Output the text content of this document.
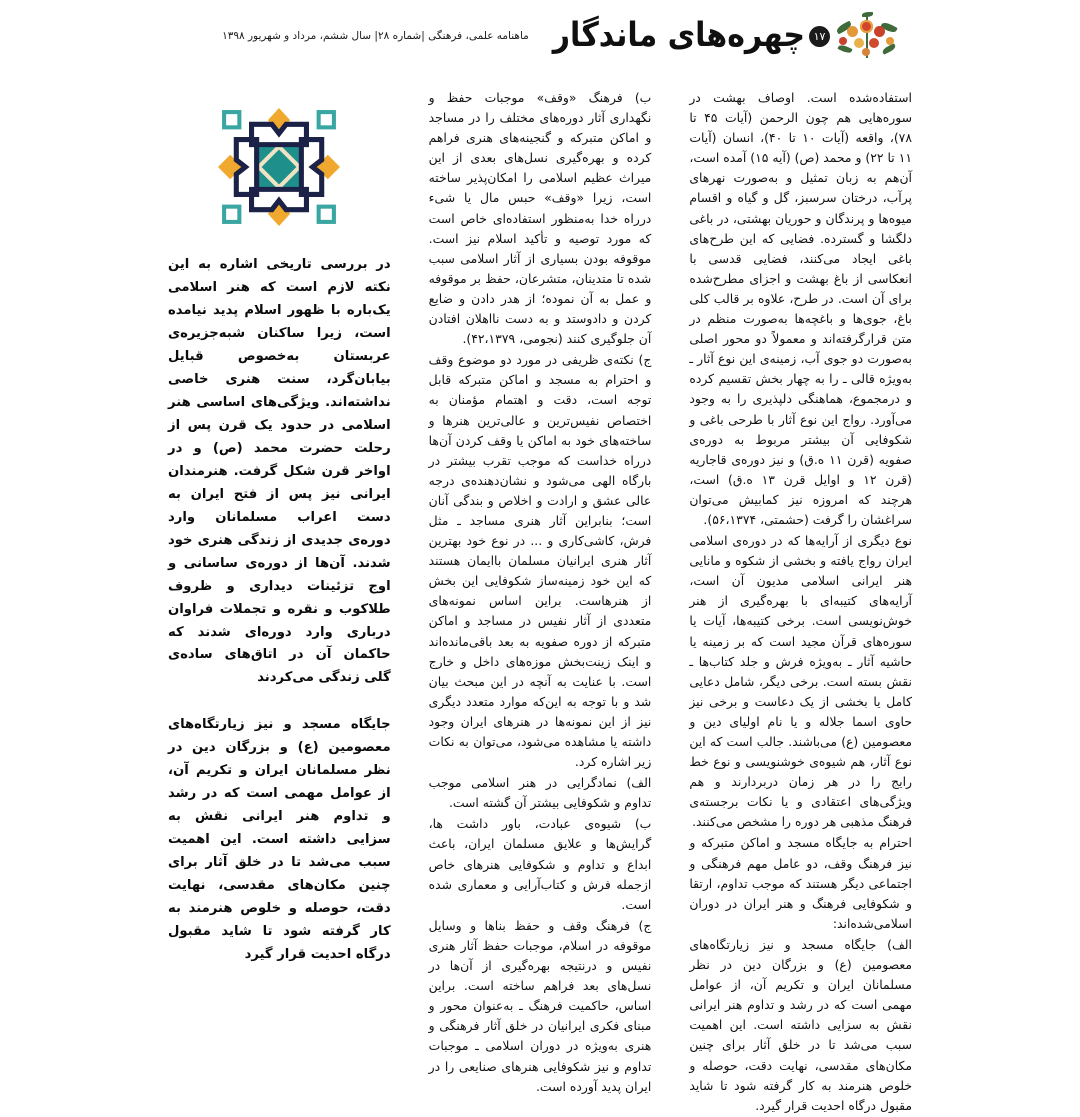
۱۷
چهره‌های ماندگار
ماهنامه علمی، فرهنگی |شماره ۲۸| سال ششم، مرداد و شهریور ۱۳۹۸

استفاده‌شده است. اوصاف بهشت در سوره‌هایی هم چون الرحمن (آیات ۴۵ تا ۷۸)، واقعه (آیات ۱۰ تا ۴۰)، انسان (آیات ۱۱ تا ۲۲) و محمد (ص) (آیه ۱۵) آمده است، آن‌هم به زبان تمثیل و به‌صورت نهرهای پرآب، درختان سرسبز، گل و گیاه و اقسام میوه‌ها و پرندگان و حوریان بهشتی، در باغی دلگشا و گسترده. فضایی که این طرح‌های باغی ایجاد می‌کنند، فضایی قدسی با انعکاسی از باغ بهشت و اجزای مطرح‌شده برای آن است. در طرح، علاوه بر قالب کلی باغ، جوی‌ها و باغچه‌ها به‌صورت منظم در متن قرارگرفته‌اند و معمولاً دو محور اصلی به‌صورت دو جوی آب، زمینه‌ی این نوع آثار ـ به‌ویژه قالی ـ را به چهار بخش تقسیم کرده و درمجموع، هماهنگی دلپذیری را به وجود می‌آورد. رواج این نوع آثار با طرحی باغی و شکوفایی آن بیشتر مربوط به دوره‌ی صفویه (قرن ۱۱ ه.ق) و نیز دوره‌ی قاجاریه (قرن ۱۲ و اوایل قرن ۱۳ ه.ق) است، هرچند که امروزه نیز کمابیش می‌توان سراغشان را گرفت (حشمتی، ۵۶،۱۳۷۴).

نوع دیگری از آرایه‌ها که در دوره‌ی اسلامی ایران رواج یافته و بخشی از شکوه و مانایی هنر ایرانی اسلامی مدیون آن است، آرایه‌های کتیبه‌ای با بهره‌گیری از هنر خوش‌نویسی است. برخی کتیبه‌ها، آیات یا سوره‌های قرآن مجید است که بر زمینه یا حاشیه آثار ـ به‌ویژه فرش و جلد کتاب‌ها ـ نقش بسته است. برخی دیگر، شامل دعایی کامل یا بخشی از یک دعاست و برخی نیز حاوی اسما جلاله و یا نام اولیای دین و معصومین (ع) می‌باشند. جالب است که این نوع آثار، هم شیوه‌ی خوشنویسی و نوع خط رایج را در هر زمان دربردارند و هم ویژگی‌های اعتقادی و یا نکات برجسته‌ی فرهنگ مذهبی هر دوره را مشخص می‌کنند.

احترام به جایگاه مسجد و اماکن متبرکه و نیز فرهنگ وقف، دو عامل مهم فرهنگی و اجتماعی دیگر هستند که موجب تداوم، ارتقا و شکوفایی فرهنگ و هنر ایران در دوران اسلامی‌شده‌اند:

الف) جایگاه مسجد و نیز زیارتگاه‌های معصومین (ع) و بزرگان دین در نظر مسلمانان ایران و تکریم آن، از عوامل مهمی است که در رشد و تداوم هنر ایرانی نقش به سزایی داشته است. این اهمیت سبب می‌شد تا در خلق آثار برای چنین مکان‌های مقدسی، نهایت دقت، حوصله و خلوص هنرمند به کار گرفته شود تا شاید مقبول درگاه احدیت قرار گیرد.

ب) فرهنگ «وقف» موجبات حفظ و نگهداری آثار دوره‌های مختلف را در مساجد و اماکن متبرکه و گنجینه‌های هنری فراهم کرده و بهره‌گیری نسل‌های بعدی از این میراث عظیم اسلامی را امکان‌پذیر ساخته است، زیرا «وقف» حبس مال یا شیء درراه خدا به‌منظور استفاده‌ای خاص است که مورد توصیه و تأکید اسلام نیز است. موقوفه بودن بسیاری از آثار اسلامی سبب شده تا متدینان، متشرعان، حفظ بر موقوفه و عمل به آن نموده؛ از هدر دادن و ضایع کردن و دادوستد و به دست نااهلان افتادن آن جلوگیری کنند (نجومی، ۴۲،۱۳۷۹).

ج) نکته‌ی ظریفی در مورد دو موضوع وقف و احترام به مسجد و اماکن متبرکه قابل توجه است، دقت و اهتمام مؤمنان به اختصاص نفیس‌ترین و عالی‌ترین هنرها و ساخته‌های خود به اماکن یا وقف کردن آن‌ها درراه خداست که موجب تقرب بیشتر در بارگاه الهی می‌شود و نشان‌دهنده‌ی درجه عالی عشق و ارادت و اخلاص و بندگی آنان است؛ بنابراین آثار هنری مساجد ـ مثل فرش، کاشی‌کاری و ... در نوع خود بهترین آثار هنری ایرانیان مسلمان باایمان هستند که این خود زمینه‌ساز شکوفایی این بخش از هنرهاست. براین اساس نمونه‌های متعددی از آثار نفیس در مساجد و اماکن متبرکه از دوره صفویه به بعد باقی‌مانده‌اند و اینک زینت‌بخش موزه‌های داخل و خارج است. با عنایت به آنچه در این مبحث بیان شد و با توجه به این‌که موارد متعدد دیگری نیز از این نمونه‌ها در هنرهای ایران وجود داشته یا مشاهده می‌شود، می‌توان به نکات زیر اشاره کرد.

الف) نمادگرایی در هنر اسلامی موجب تداوم و شکوفایی بیشتر آن گشته است.

ب) شیوه‌ی عبادت، باور داشت ها، گرایش‌ها و علایق مسلمان ایران، باعث ابداع و تداوم و شکوفایی هنرهای خاص ازجمله فرش و کتاب‌آرایی و معماری شده است.

ج) فرهنگ وقف و حفظ بناها و وسایل موقوفه در اسلام، موجبات حفظ آثار هنری نفیس و درنتیجه بهره‌گیری از آن‌ها در نسل‌های بعد فراهم ساخته است. براین اساس، حاکمیت فرهنگ ـ به‌عنوان محور و مبنای فکری ایرانیان در خلق آثار فرهنگی و هنری به‌ویژه در دوران اسلامی ـ موجبات تداوم و نیز شکوفایی هنرهای صنایعی را در ایران پدید آورده است.

در بررسی تاریخی اشاره به این نکته لازم است که هنر اسلامی یک‌باره با ظهور اسلام پدید نیامده است، زیرا ساکنان شبه‌جزیره‌ی عربستان به‌خصوص قبایل بیابان‌گرد، سنت هنری خاصی نداشته‌اند. ویژگی‌های اساسی هنر اسلامی در حدود یک قرن پس از رحلت حضرت محمد (ص) و در اواخر قرن شکل گرفت. هنرمندان ایرانی نیز پس از فتح ایران به دست اعراب مسلمانان وارد دوره‌ی جدیدی از زندگی هنری خود شدند. آن‌ها از دوره‌ی ساسانی و اوج تزئینات دیداری و ظروف طلاکوب و نقره و تجملات فراوان درباری وارد دوره‌ای شدند که حاکمان آن در اتاق‌های ساده‌ی گلی زندگی می‌کردند

جایگاه مسجد و نیز زیارتگاه‌های معصومین (ع) و بزرگان دین در نظر مسلمانان ایران و تکریم آن، از عوامل مهمی است که در رشد و تداوم هنر ایرانی نقش به سزایی داشته است. این اهمیت سبب می‌شد تا در خلق آثار برای چنین مکان‌های مقدسی، نهایت دقت، حوصله و خلوص هنرمند به کار گرفته شود تا شاید مقبول درگاه احدیت قرار گیرد
